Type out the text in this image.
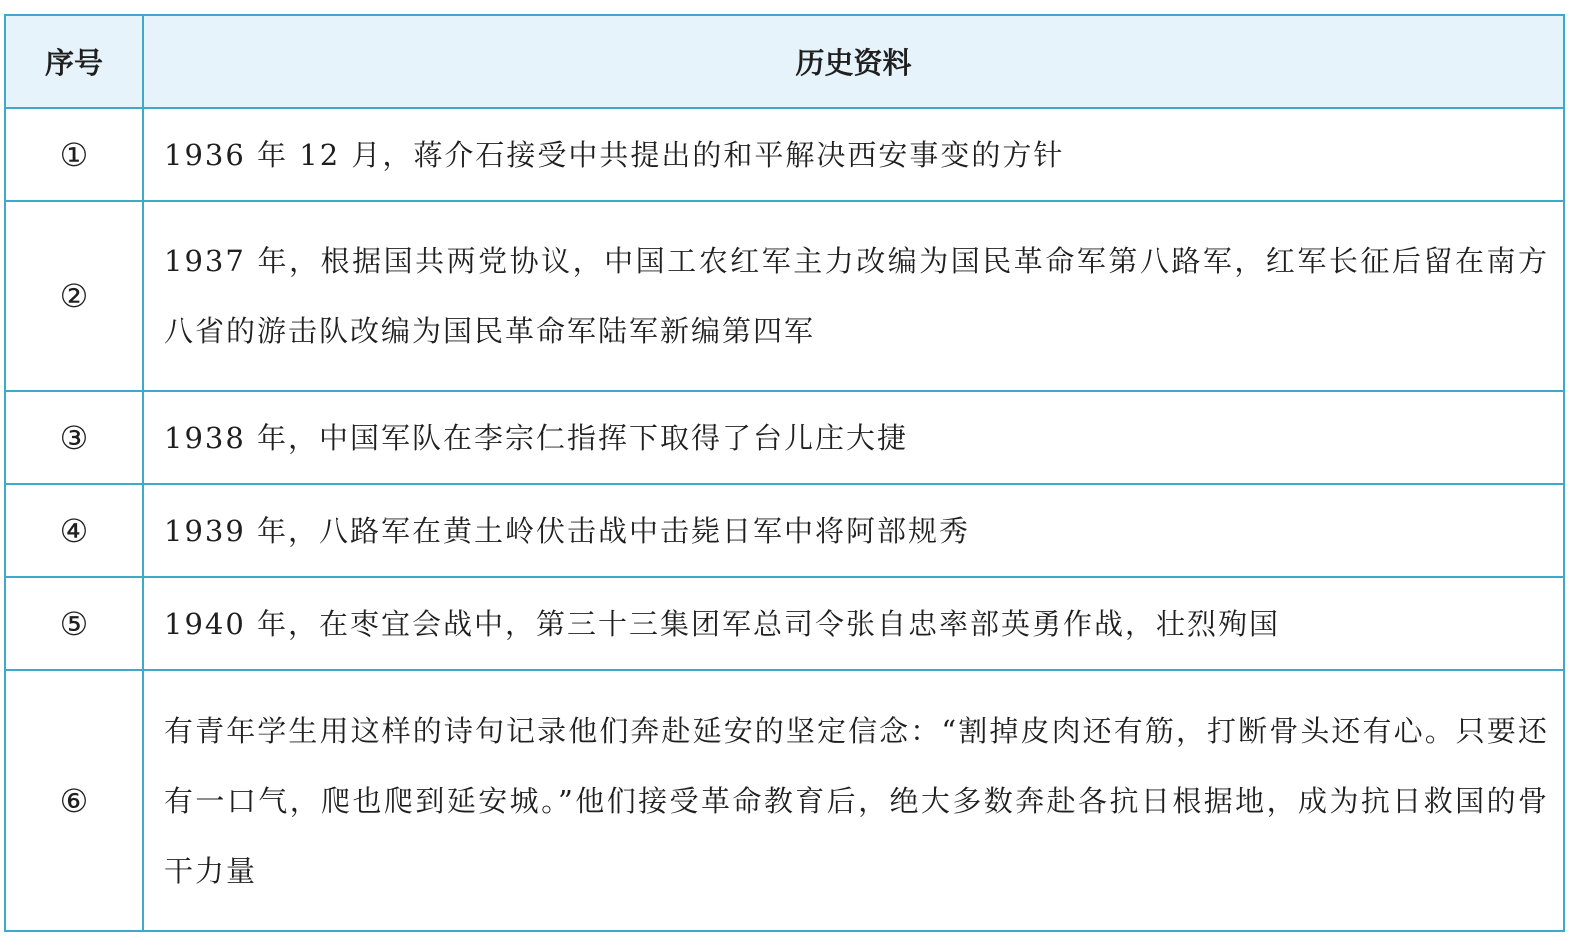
序号	历史资料
①	1936 年 12 月，蒋介石接受中共提出的和平解决西安事变的方针
②	1937 年，根据国共两党协议，中国工农红军主力改编为国民革命军第八路军，红军长征后留在南方八省的游击队改编为国民革命军陆军新编第四军
③	1938 年，中国军队在李宗仁指挥下取得了台儿庄大捷
④	1939 年，八路军在黄土岭伏击战中击毙日军中将阿部规秀
⑤	1940 年，在枣宜会战中，第三十三集团军总司令张自忠率部英勇作战，壮烈殉国
⑥	有青年学生用这样的诗句记录他们奔赴延安的坚定信念：“割掉皮肉还有筋，打断骨头还有心。只要还有一口气，爬也爬到延安城。”他们接受革命教育后，绝大多数奔赴各抗日根据地，成为抗日救国的骨干力量
